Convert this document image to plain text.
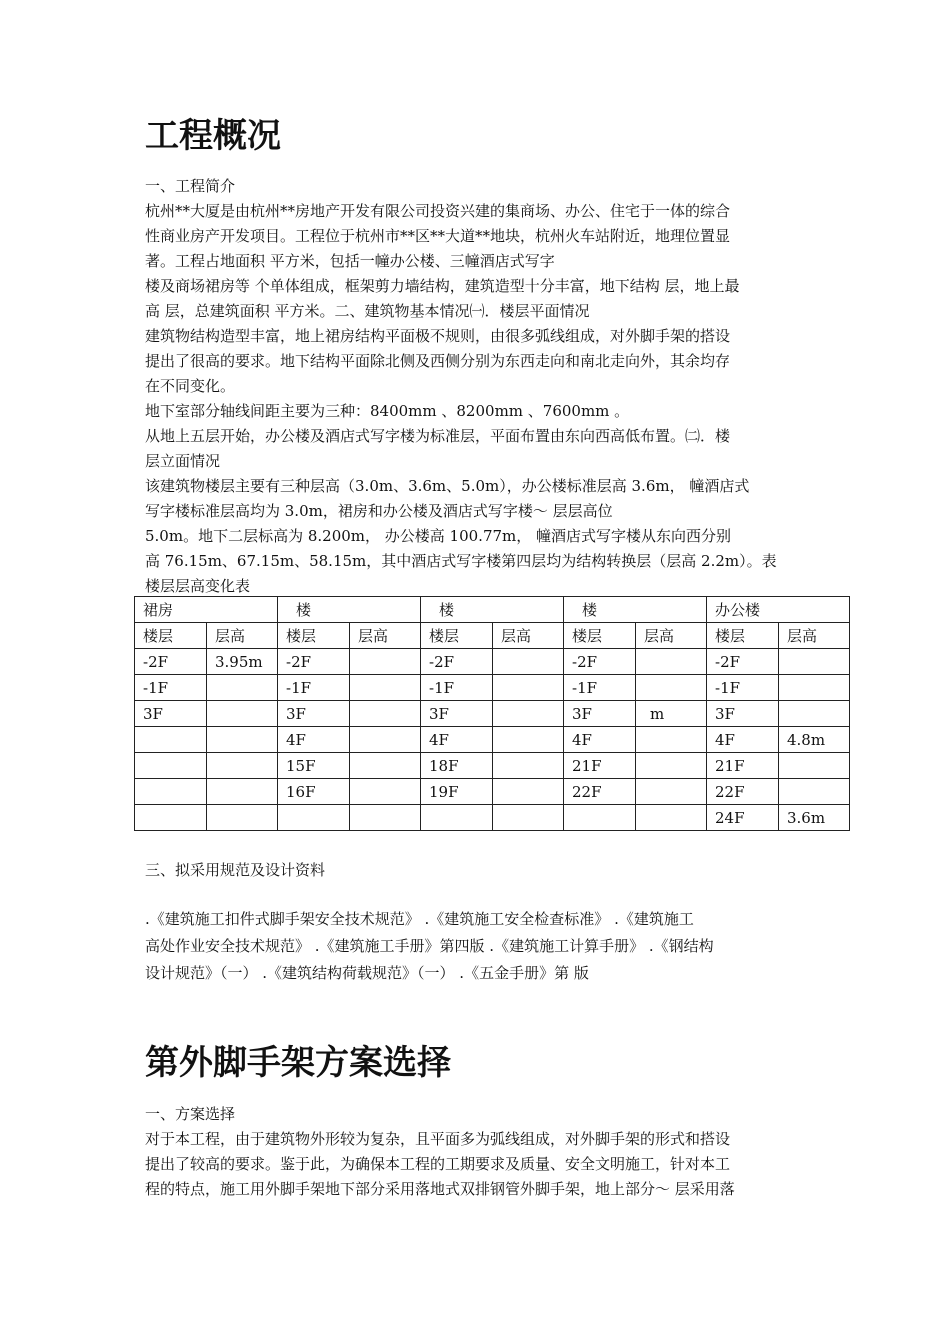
工程概况

一、工程简介

杭州**大厦是由杭州**房地产开发有限公司投资兴建的集商场、办公、住宅于一体的综合

性商业房产开发项目。工程位于杭州市**区**大道**地块，杭州火车站附近，地理位置显

著。工程占地面积 平方米，包括一幢办公楼、三幢酒店式写字

楼及商场裙房等 个单体组成，框架剪力墙结构，建筑造型十分丰富，地下结构 层，地上最

高 层，总建筑面积 平方米。二、建筑物基本情况㈠．楼层平面情况

建筑物结构造型丰富，地上裙房结构平面极不规则，由很多弧线组成，对外脚手架的搭设

提出了很高的要求。地下结构平面除北侧及西侧分别为东西走向和南北走向外，其余均存

在不同变化。

地下室部分轴线间距主要为三种：8400mm 、8200mm 、7600mm 。

从地上五层开始，办公楼及酒店式写字楼为标准层，平面布置由东向西高低布置。㈡．楼

层立面情况

该建筑物楼层主要有三种层高（3.0m、3.6m、5.0m），办公楼标准层高 3.6m， 幢酒店式

写字楼标准层高均为 3.0m，裙房和办公楼及酒店式写字楼～ 层层高位

5.0m。地下二层标高为 8.200m， 办公楼高 100.77m， 幢酒店式写字楼从东向西分别

高 76.15m、67.15m、58.15m，其中酒店式写字楼第四层均为结构转换层（层高 2.2m）。表

楼层层高变化表

裙房		楼		楼		楼		办公楼	
楼层	层高	楼层	层高	楼层	层高	楼层	层高	楼层	层高
-2F	3.95m	-2F		-2F		-2F		-2F	
-1F		-1F		-1F		-1F		-1F	
3F		3F		3F		3F	m	3F	
		4F		4F		4F		4F	4.8m
		15F		18F		21F		21F	
		16F		19F		22F		22F	
								24F	3.6m

三、拟采用规范及设计资料

.《建筑施工扣件式脚手架安全技术规范》 .《建筑施工安全检查标准》 .《建筑施工

高处作业安全技术规范》 .《建筑施工手册》第四版 .《建筑施工计算手册》 .《钢结构

设计规范》（一） .《建筑结构荷载规范》（一） .《五金手册》第 版

第外脚手架方案选择

一、方案选择

对于本工程，由于建筑物外形较为复杂，且平面多为弧线组成，对外脚手架的形式和搭设

提出了较高的要求。鉴于此，为确保本工程的工期要求及质量、安全文明施工，针对本工

程的特点，施工用外脚手架地下部分采用落地式双排钢管外脚手架，地上部分～ 层采用落
